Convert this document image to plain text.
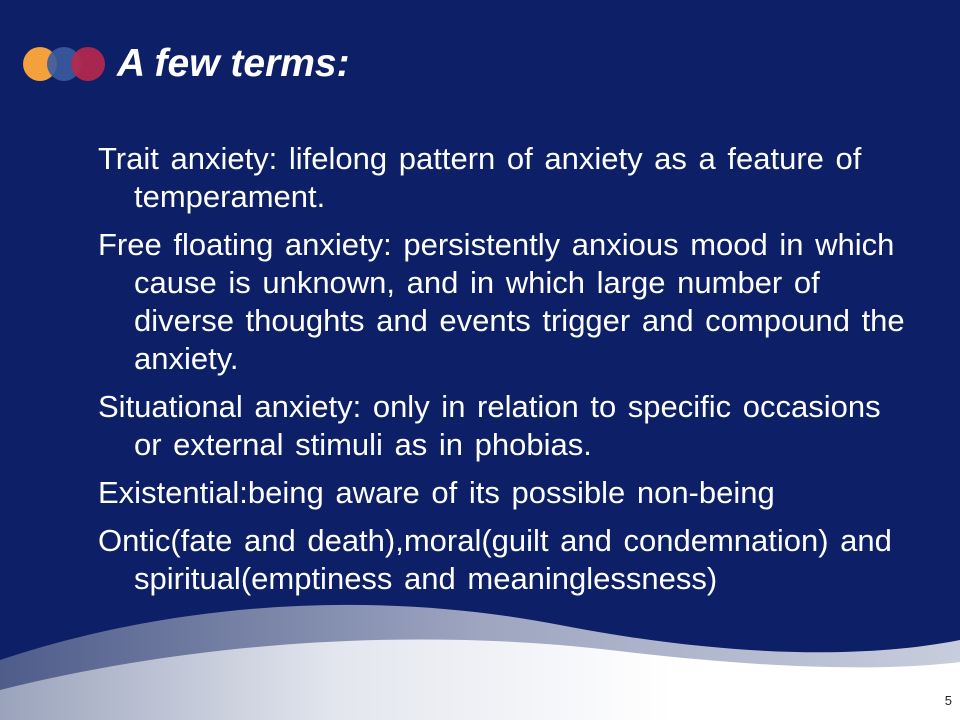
A few terms:

Trait anxiety: lifelong pattern of anxiety as a feature of temperament.

Free floating anxiety: persistently anxious mood in which cause is unknown, and in which large number of diverse thoughts and events trigger and compound the anxiety.

Situational anxiety: only in relation to specific occasions or external stimuli as in phobias.

Existential:being aware of its possible non-being

Ontic(fate and death),moral(guilt and condemnation) and spiritual(emptiness and meaninglessness)

5
